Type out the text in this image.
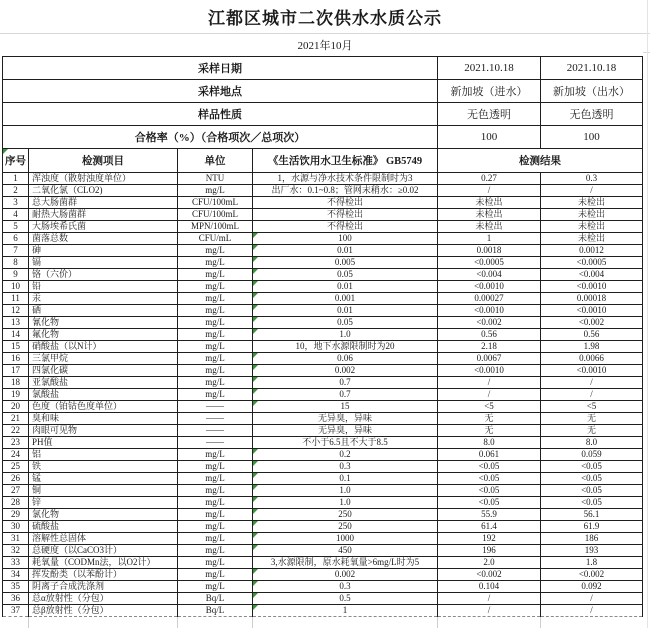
江都区城市二次供水水质公示
2021年10月
采样日期				2021.10.18	2021.10.18
采样地点				新加坡（进水）	新加坡（出水）
样品性质				无色透明	无色透明
合格率（%）（合格项次／总项次）				100	100
序号	检测项目	单位	《生活饮用水卫生标准》 GB5749	检测结果	
1	浑浊度（散射浊度单位）	NTU	1，水源与净水技术条件限制时为3	0.27	0.3
2	二氧化氯（CLO2)	mg/L	出厂水：0.1~0.8；管网末稍水：≥0.02	/	/
3	总大肠菌群	CFU/100mL	不得检出	未检出	未检出
4	耐热大肠菌群	CFU/100mL	不得检出	未检出	未检出
5	大肠埃希氏菌	MPN/100mL	不得检出	未检出	未检出
6	菌落总数	CFU/mL	100	1	未检出
7	砷	mg/L	0.01	0.0018	0.0012
8	镉	mg/L	0.005	<0.0005	<0.0005
9	铬（六价）	mg/L	0.05	<0.004	<0.004
10	铅	mg/L	0.01	<0.0010	<0.0010
11	汞	mg/L	0.001	0.00027	0.00018
12	硒	mg/L	0.01	<0.0010	<0.0010
13	氰化物	mg/L	0.05	<0.002	<0.002
14	氟化物	mg/L	1.0	0.56	0.56
15	硝酸盐（以N计）	mg/L	10，地下水源限制时为20	2.18	1.98
16	三氯甲烷	mg/L	0.06	0.0067	0.0066
17	四氯化碳	mg/L	0.002	<0.0010	<0.0010
18	亚氯酸盐	mg/L	0.7	/	/
19	氯酸盐	mg/L	0.7	/	/
20	色度（铂钴色度单位）	——	15	<5	<5
21	臭和味	——	无异臭，异味	无	无
22	肉眼可见物	——	无异臭，异味	无	无
23	PH值	——	不小于6.5且不大于8.5	8.0	8.0
24	铝	mg/L	0.2	0.061	0.059
25	铁	mg/L	0.3	<0.05	<0.05
26	锰	mg/L	0.1	<0.05	<0.05
27	铜	mg/L	1.0	<0.05	<0.05
28	锌	mg/L	1.0	<0.05	<0.05
29	氯化物	mg/L	250	55.9	56.1
30	硫酸盐	mg/L	250	61.4	61.9
31	溶解性总固体	mg/L	1000	192	186
32	总硬度（以CaCO3计）	mg/L	450	196	193
33	耗氧量（CODMn法，以O2计）	mg/L	3,水源限制，原水耗氧量>6mg/L时为5	2.0	1.8
34	挥发酚类（以苯酚计）	mg/L	0.002	<0.002	<0.002
35	阴离子合成洗涤剂	mg/L	0.3	0.104	0.092
36	总α放射性（分包）	Bq/L	0.5	/	/
37	总β放射性（分包）	Bq/L	1	/	/
